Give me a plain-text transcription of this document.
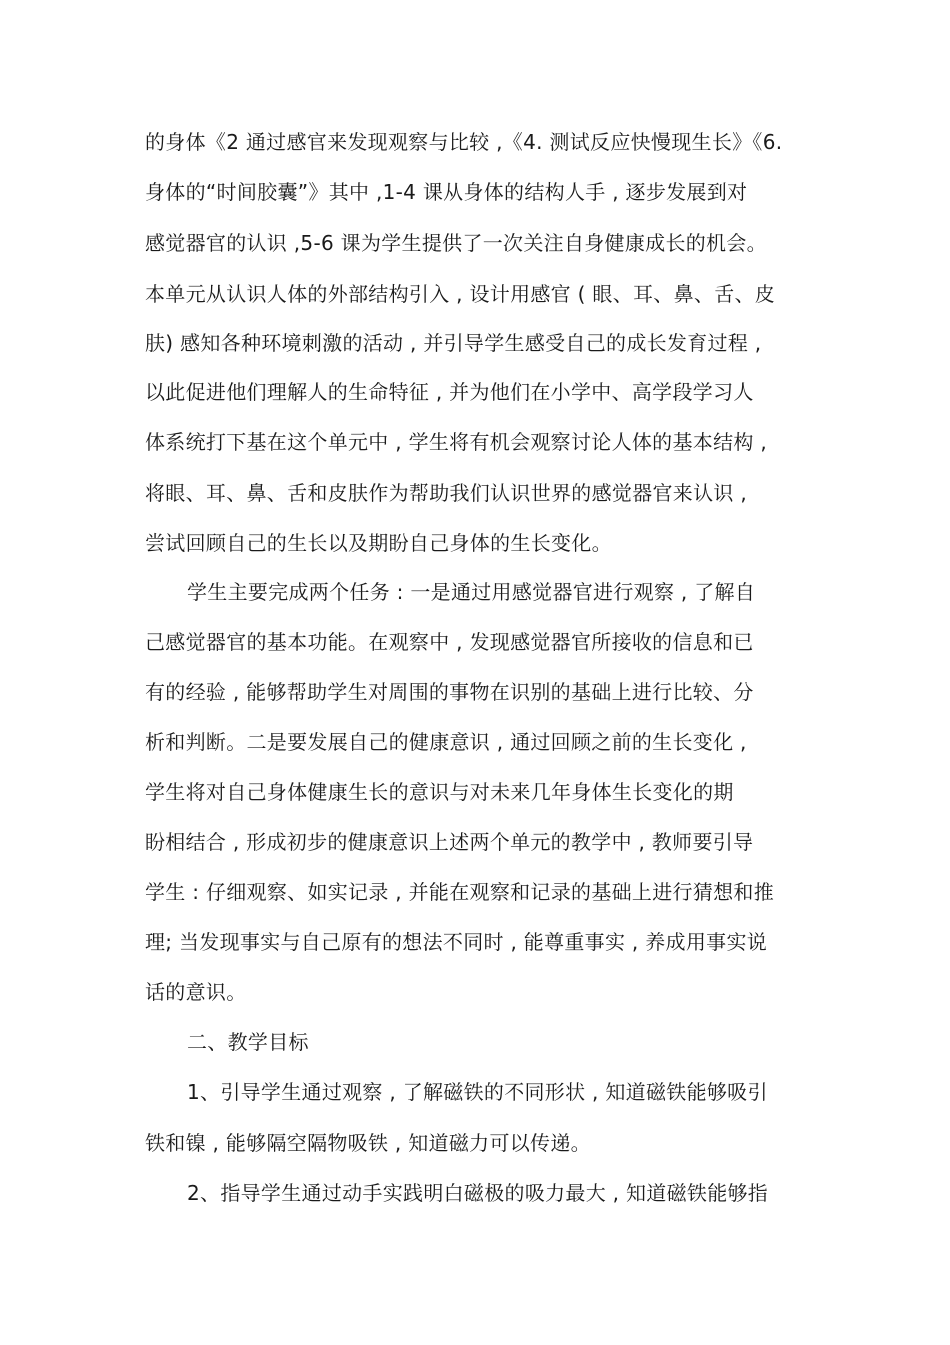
的身体《2 通过感官来发现观察与比较 ,《4. 测试反应快慢现生长》《6.
身体的“时间胶囊”》其中 ,1-4 课从身体的结构人手 , 逐步发展到对
感觉器官的认识 ,5-6 课为学生提供了一次关注自身健康成长的机会。
本单元从认识人体的外部结构引入 , 设计用感官 ( 眼、耳、鼻、舌、皮
肤) 感知各种环境刺激的活动 , 并引导学生感受自己的成长发育过程 ,
以此促进他们理解人的生命特征 , 并为他们在小学中、高学段学习人
体系统打下基在这个单元中 , 学生将有机会观察讨论人体的基本结构 ,
将眼、耳、鼻、舌和皮肤作为帮助我们认识世界的感觉器官来认识 ,
尝试回顾自己的生长以及期盼自己身体的生长变化。
学生主要完成两个任务 : 一是通过用感觉器官进行观察 , 了解自
己感觉器官的基本功能。在观察中 , 发现感觉器官所接收的信息和已
有的经验 , 能够帮助学生对周围的事物在识别的基础上进行比较、分
析和判断。二是要发展自己的健康意识 , 通过回顾之前的生长变化 ,
学生将对自己身体健康生长的意识与对未来几年身体生长变化的期
盼相结合 , 形成初步的健康意识上述两个单元的教学中 , 教师要引导
学生 : 仔细观察、如实记录 , 并能在观察和记录的基础上进行猜想和推
理; 当发现事实与自己原有的想法不同时 , 能尊重事实 , 养成用事实说
话的意识。
二、教学目标
1、引导学生通过观察 , 了解磁铁的不同形状 , 知道磁铁能够吸引
铁和镍 , 能够隔空隔物吸铁 , 知道磁力可以传递。
2、指导学生通过动手实践明白磁极的吸力最大 , 知道磁铁能够指
